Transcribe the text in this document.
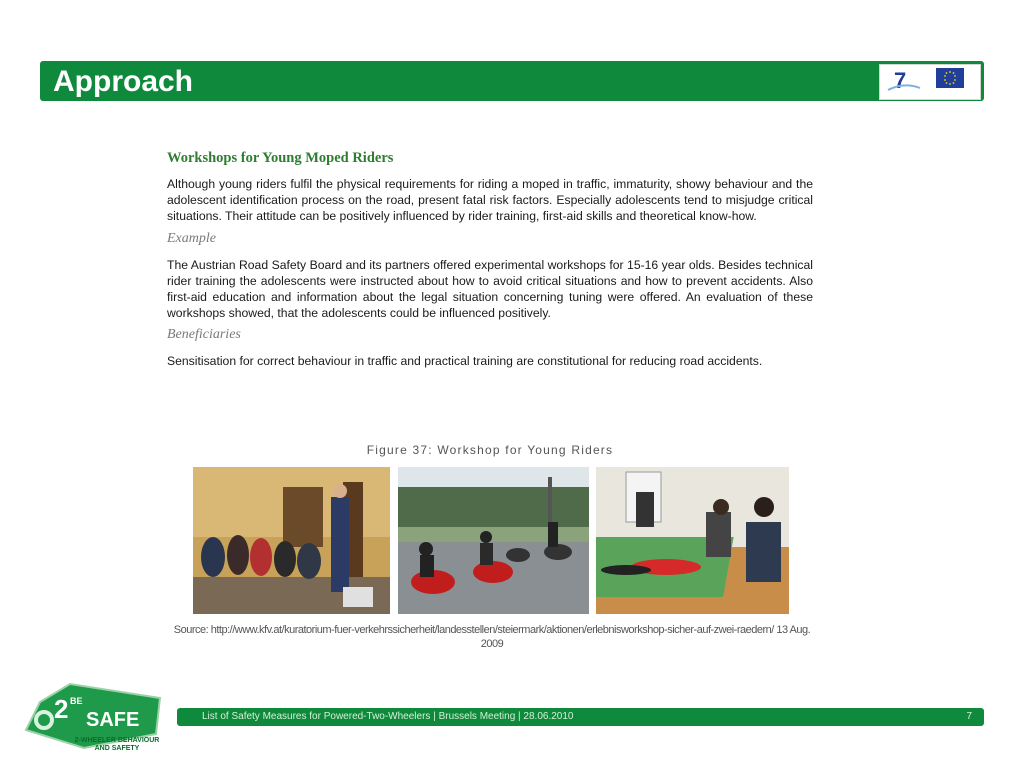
Approach	7
Workshops for Young Moped Riders

Although young riders fulfil the physical requirements for riding a moped in traffic, immaturity, showy behaviour and the adolescent identification process on the road, present fatal risk factors. Especially adolescents tend to misjudge critical situations. Their attitude can be positively influenced by rider training, first-aid skills and theoretical know-how.

Example

The Austrian Road Safety Board and its partners offered experimental workshops for 15-16 year olds. Besides technical rider training the adolescents were instructed about how to avoid critical situations and how to prevent accidents. Also first-aid education and information about the legal situation concerning tuning were offered. An evaluation of these workshops showed, that the adolescents could be influenced positively.

Beneficiaries

Sensitisation for correct behaviour in traffic and practical training are constitutional for reducing road accidents.

Figure 37: Workshop for Young Riders
Source: http://www.kfv.at/kuratorium-fuer-verkehrssicherheit/landesstellen/steiermark/aktionen/erlebnisworkshop-sicher-auf-zwei-raedern/ 13 Aug. 2009
2 BE
SAFE
2-WHEELER BEHAVIOUR
AND SAFETY
List of Safety Measures for Powered-Two-Wheelers | Brussels Meeting | 28.06.2010	7
